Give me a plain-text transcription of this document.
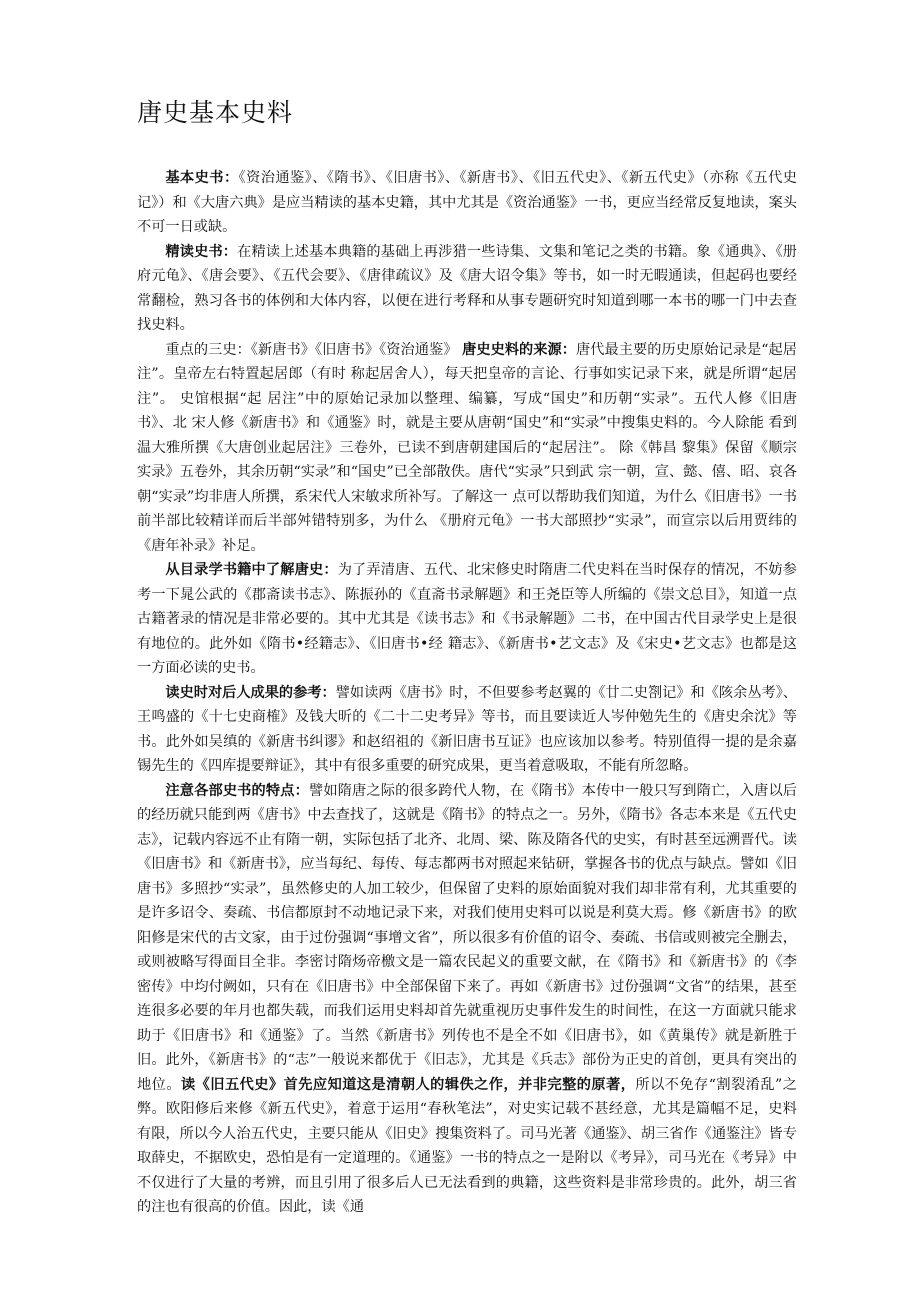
唐史基本史料

基本史书：《资治通鉴》、《隋书》、《旧唐书》、《新唐书》、《旧五代史》、《新五代史》（亦称《五代史记》）和《大唐六典》是应当精读的基本史籍，其中尤其是《资治通鉴》一书，更应当经常反复地读，案头不可一日或缺。

精读史书：在精读上述基本典籍的基础上再涉猎一些诗集、文集和笔记之类的书籍。象《通典》、《册府元龟》、《唐会要》、《五代会要》、《唐律疏议》及《唐大诏令集》等书，如一时无暇通读，但起码也要经常翻检，熟习各书的体例和大体内容，以便在进行考释和从事专题研究时知道到哪一本书的哪一门中去查找史料。

重点的三史：《新唐书》《旧唐书》《资治通鉴》 唐史史料的来源：唐代最主要的历史原始记录是“起居注”。皇帝左右特置起居郎（有时 称起居舍人），每天把皇帝的言论、行事如实记录下来，就是所谓“起居注”。 史馆根据“起 居注”中的原始记录加以整理、编纂，写成“国史”和历朝“实录”。五代人修《旧唐书》、北 宋人修《新唐书》和《通鉴》时，就是主要从唐朝“国史”和“实录”中搜集史料的。今人除能 看到温大雅所撰《大唐创业起居注》三卷外，已读不到唐朝建国后的“起居注”。 除《韩昌 黎集》保留《顺宗实录》五卷外，其余历朝“实录”和“国史”已全部散佚。唐代“实录”只到武 宗一朝，宣、懿、僖、昭、哀各朝“实录”均非唐人所撰，系宋代人宋敏求所补写。了解这一 点可以帮助我们知道，为什么《旧唐书》一书前半部比较精详而后半部舛错特别多，为什么 《册府元龟》一书大部照抄“实录”，而宣宗以后用贾纬的《唐年补录》补足。

从目录学书籍中了解唐史：为了弄清唐、五代、北宋修史时隋唐二代史料在当时保存的情况，不妨参考一下晁公武的《郡斋读书志》、陈振孙的《直斋书录解题》和王尧臣等人所编的《崇文总目》，知道一点古籍著录的情况是非常必要的。其中尤其是《读书志》和《书录解题》二书，在中国古代目录学史上是很有地位的。此外如《隋书•经籍志》、《旧唐书•经 籍志》、《新唐书•艺文志》及《宋史•艺文志》也都是这一方面必读的史书。

读史时对后人成果的参考：譬如读两《唐书》时，不但要参考赵翼的《廿二史劄记》和《陔余丛考》、王鸣盛的《十七史商榷》及钱大昕的《二十二史考异》等书，而且要读近人岑仲勉先生的《唐史余沈》等书。此外如吴缜的《新唐书纠谬》和赵绍祖的《新旧唐书互证》也应该加以参考。特别值得一提的是余嘉锡先生的《四库提要辩证》，其中有很多重要的研究成果，更当着意吸取，不能有所忽略。

注意各部史书的特点：譬如隋唐之际的很多跨代人物，在《隋书》本传中一般只写到隋亡，入唐以后的经历就只能到两《唐书》中去查找了，这就是《隋书》的特点之一。另外，《隋书》各志本来是《五代史志》，记载内容远不止有隋一朝，实际包括了北齐、北周、梁、陈及隋各代的史实，有时甚至远溯晋代。读《旧唐书》和《新唐书》，应当每纪、每传、每志都两书对照起来钻研，掌握各书的优点与缺点。譬如《旧唐书》多照抄“实录”，虽然修史的人加工较少，但保留了史料的原始面貌对我们却非常有利，尤其重要的是许多诏令、奏疏、书信都原封不动地记录下来，对我们使用史料可以说是利莫大焉。修《新唐书》的欧阳修是宋代的古文家，由于过份强调“事增文省”，所以很多有价值的诏令、奏疏、书信或则被完全删去，或则被略写得面目全非。李密讨隋炀帝檄文是一篇农民起义的重要文献，在《隋书》和《新唐书》的《李密传》中均付阙如，只有在《旧唐书》中全部保留下来了。再如《新唐书》过份强调“文省”的结果，甚至连很多必要的年月也都失载，而我们运用史料却首先就重视历史事件发生的时间性，在这一方面就只能求助于《旧唐书》和《通鉴》了。当然《新唐书》列传也不是全不如《旧唐书》，如《黄巢传》就是新胜于旧。此外，《新唐书》的“志”一般说来都优于《旧志》，尤其是《兵志》部份为正史的首创，更具有突出的地位。读《旧五代史》首先应知道这是清朝人的辑佚之作，并非完整的原著，所以不免存“割裂淆乱”之弊。欧阳修后来修《新五代史》，着意于运用“春秋笔法”，对史实记载不甚经意，尤其是篇幅不足，史料有限，所以今人治五代史，主要只能从《旧史》搜集资料了。司马光著《通鉴》、胡三省作《通鉴注》皆专取薛史，不据欧史，恐怕是有一定道理的。《通鉴》一书的特点之一是附以《考异》，司马光在《考异》中不仅进行了大量的考辨，而且引用了很多后人已无法看到的典籍，这些资料是非常珍贵的。此外，胡三省的注也有很高的价值。因此，读《通
